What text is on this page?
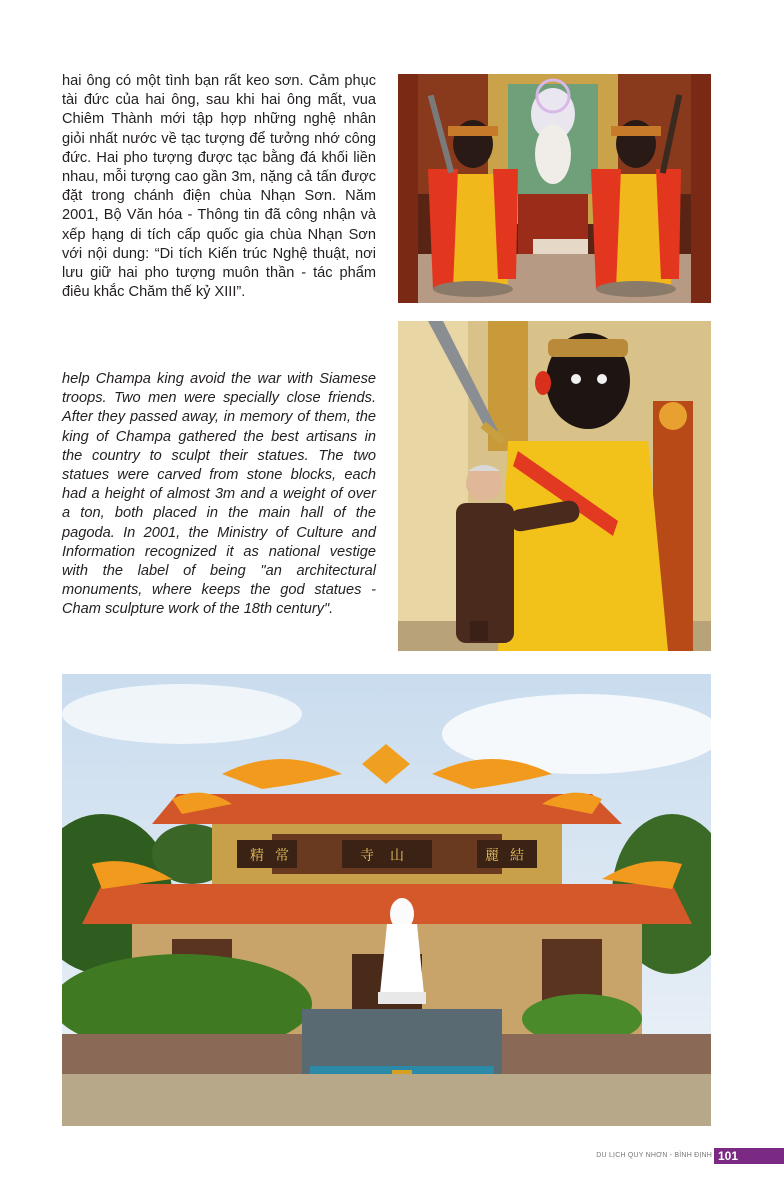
hai ông có một tình bạn rất keo sơn. Cảm phục tài đức của hai ông, sau khi hai ông mất, vua Chiêm Thành mới tập hợp những nghệ nhân giỏi nhất nước về tạc tượng để tưởng nhớ công đức. Hai pho tượng được tạc bằng đá khối liền nhau, mỗi tượng cao gần 3m, nặng cả tấn được đặt trong chánh điện chùa Nhạn Sơn. Năm 2001, Bộ Văn hóa - Thông tin đã công nhận và xếp hạng di tích cấp quốc gia chùa Nhạn Sơn với nội dung: “Di tích Kiến trúc Nghệ thuật, nơi lưu giữ hai pho tượng muôn thần - tác phẩm điêu khắc Chăm thế kỷ XIII”.

help Champa king avoid the war with Siamese troops. Two men were specially close friends. After they passed away, in memory of them, the king of Champa gathered the best artisans in the country to sculpt their statues. The two statues were carved from stone blocks, each had a height of almost 3m and a weight of over a ton, both placed in the main hall of the pagoda. In 2001, the Ministry of Culture and Information recognized it as national vestige with the label of being "an architectural monuments, where keeps the god statues - Cham sculpture work of the 18th century".

結
麗
山
寺
常
精
DU LỊCH QUY NHƠN - BÌNH ĐỊNH 101
